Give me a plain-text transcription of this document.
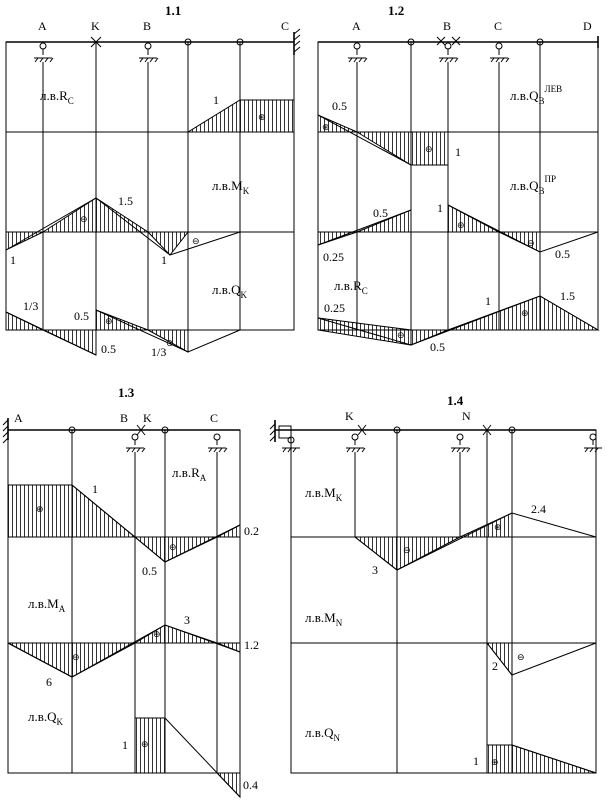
1.1
A	K	B	C
⊕
$л.в.R_C$	1
⊖
⊖
$л.в.M_K$
1.5
1	1
⊕
⊖
$л.в.Q_K$
1/3
0.5
0.5	1/3
1.2
A	B	C	D
⊕
⊖
$л.в.Q_B^{ЛЕВ}$
0.5
1
⊕
⊖
$л.в.Q_B^{ПР}$
0.5	1
0.25	0.5
⊖
⊕
$л.в.R_C$
0.25
0.5
1	1.5
1.3
A	B K	C
⊕
⊖
$л.в.R_A$
1
0.2
0.5
⊖
⊕
$л.в.M_A$
3
1.2
6
⊕
$л.в.Q_K$
1
0.4
1.4
K	N
⊖
⊕
$л.в.M_K$
2.4
3
⊖
$л.в.M_N$
2
⊕
$л.в.Q_N$
1
